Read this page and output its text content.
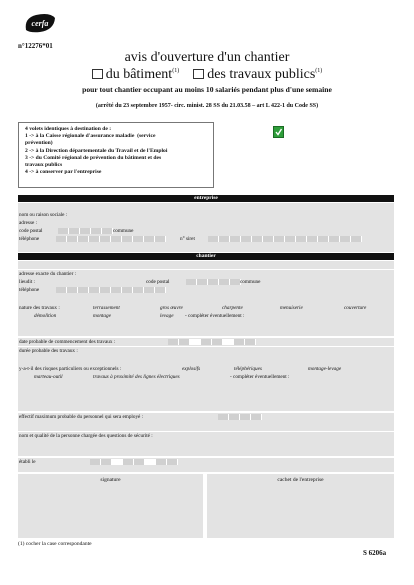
cerfa
n°12276*01
avis d'ouverture d'un chantier
du bâtiment$^{(1)}$ des travaux publics$^{(1)}$
pour tout chantier occupant au moins 10 salariés pendant plus d'une semaine
(arrêté du 23 septembre 1957- circ. minist. 28 SS du 21.03.58 – art L 422-1 du Code SS)
4 volets identiques à destination de :
1 -> à la Caisse régionale d'assurance maladie  (service
prévention)
2 -> à la Direction départementale du Travail et de l'Emploi
3 -> du Comité régional de prévention du bâtiment et des
travaux publics
4 -> à conserver par l'entreprise
entreprise
nom ou raison sociale :
adresse :
code postal	commune
téléphone	n° siret
chantier
adresse exacte du chantier :
lieudit :	code postal	commune
téléphone
nature des travaux :	terrassement	gros œuvre	charpente	menuiserie	couverture
démolition	montage	levage - compléter éventuellement :
date probable de commencement des travaux :
durée probable des travaux :
y-a-t-il des risques particuliers ou exceptionnels :	explosifs	téléphériques	montage-levage
marteau-outil	travaux à proximité des lignes électriques	- compléter éventuellement :
effectif maximum probable du personnel qui sera employé :
nom et qualité de la personne chargée des questions de sécurité :
établi le
signature	cachet de l'entreprise
(1) cocher la case correspondante
S 6206a
